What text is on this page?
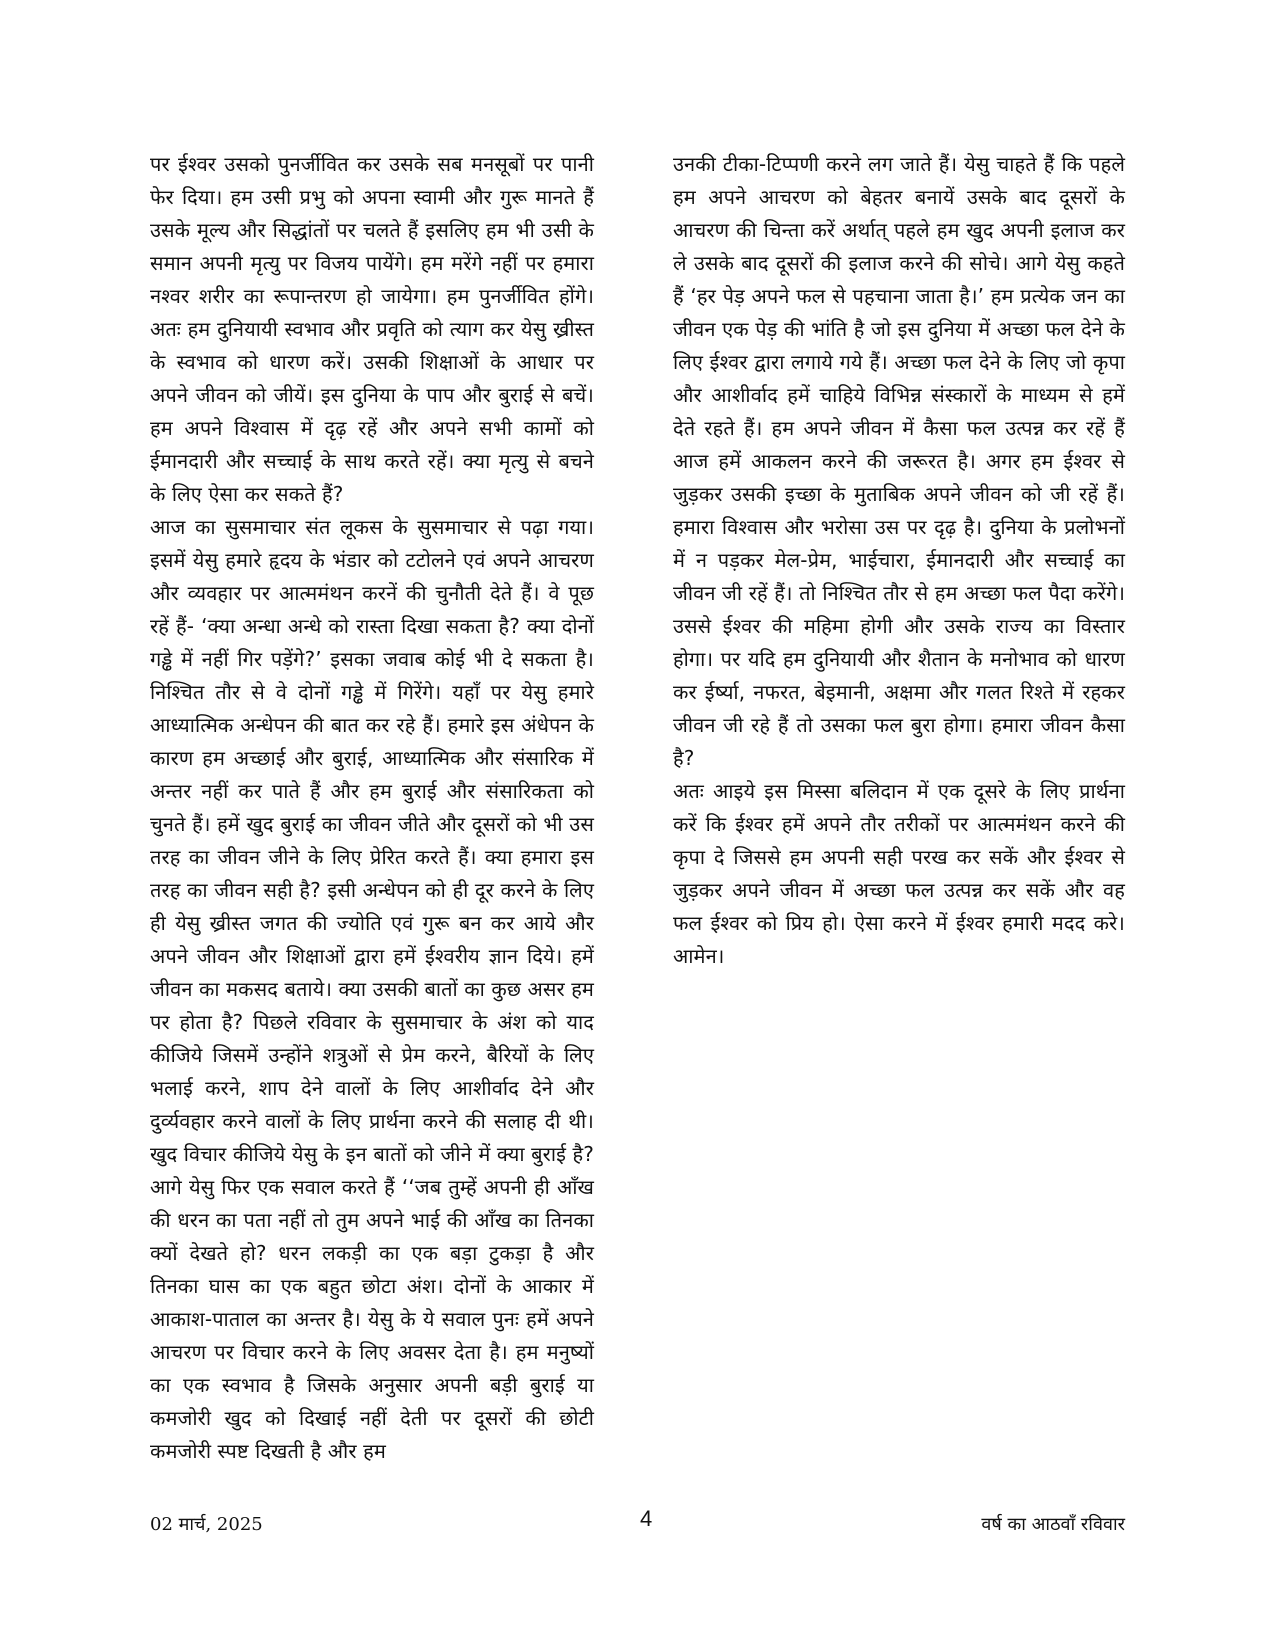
पर ईश्वर उसको पुनर्जीवित कर उसके सब मनसूबों पर पानी फेर दिया। हम उसी प्रभु को अपना स्वामी और गुरू मानते हैं उसके मूल्य और सिद्धांतों पर चलते हैं इसलिए हम भी उसी के समान अपनी मृत्यु पर विजय पायेंगे। हम मरेंगे नहीं पर हमारा नश्वर शरीर का रूपान्तरण हो जायेगा। हम पुनर्जीवित होंगे। अतः हम दुनियायी स्वभाव और प्रवृति को त्याग कर येसु ख्रीस्त के स्वभाव को धारण करें। उसकी शिक्षाओं के आधार पर अपने जीवन को जीयें। इस दुनिया के पाप और बुराई से बचें। हम अपने विश्वास में दृढ़ रहें और अपने सभी कामों को ईमानदारी और सच्चाई के साथ करते रहें। क्या मृत्यु से बचने के लिए ऐसा कर सकते हैं?

आज का सुसमाचार संत लूकस के सुसमाचार से पढ़ा गया। इसमें येसु हमारे हृदय के भंडार को टटोलने एवं अपने आचरण और व्यवहार पर आत्ममंथन करनें की चुनौती देते हैं। वे पूछ रहें हैं- ‘क्या अन्धा अन्धे को रास्ता दिखा सकता है? क्या दोनों गड्ढे में नहीं गिर पड़ेंगे?’ इसका जवाब कोई भी दे सकता है। निश्चित तौर से वे दोनों गड्ढे में गिरेंगे। यहाँ पर येसु हमारे आध्यात्मिक अन्धेपन की बात कर रहे हैं। हमारे इस अंधेपन के कारण हम अच्छाई और बुराई, आध्यात्मिक और संसारिक में अन्तर नहीं कर पाते हैं और हम बुराई और संसारिकता को चुनते हैं। हमें खुद बुराई का जीवन जीते और दूसरों को भी उस तरह का जीवन जीने के लिए प्रेरित करते हैं। क्या हमारा इस तरह का जीवन सही है? इसी अन्धेपन को ही दूर करने के लिए ही येसु ख्रीस्त जगत की ज्योति एवं गुरू बन कर आये और अपने जीवन और शिक्षाओं द्वारा हमें ईश्वरीय ज्ञान दिये। हमें जीवन का मकसद बताये। क्या उसकी बातों का कुछ असर हम पर होता है? पिछले रविवार के सुसमाचार के अंश को याद कीजिये जिसमें उन्होंने शत्रुओं से प्रेम करने, बैरियों के लिए भलाई करने, शाप देने वालों के लिए आशीर्वाद देने और दुर्व्यवहार करने वालों के लिए प्रार्थना करने की सलाह दी थी। खुद विचार कीजिये येसु के इन बातों को जीने में क्या बुराई है? आगे येसु फिर एक सवाल करते हैं ‘‘जब तुम्हें अपनी ही आँख की धरन का पता नहीं तो तुम अपने भाई की आँख का तिनका क्यों देखते हो? धरन लकड़ी का एक बड़ा टुकड़ा है और तिनका घास का एक बहुत छोटा अंश। दोनों के आकार में आकाश-पाताल का अन्तर है। येसु के ये सवाल पुनः हमें अपने आचरण पर विचार करने के लिए अवसर देता है। हम मनुष्यों का एक स्वभाव है जिसके अनुसार अपनी बड़ी बुराई या कमजोरी खुद को दिखाई नहीं देती पर दूसरों की छोटी कमजोरी स्पष्ट दिखती है और हम

उनकी टीका-टिप्पणी करने लग जाते हैं। येसु चाहते हैं कि पहले हम अपने आचरण को बेहतर बनायें उसके बाद दूसरों के आचरण की चिन्ता करें अर्थात् पहले हम खुद अपनी इलाज कर ले उसके बाद दूसरों की इलाज करने की सोचे। आगे येसु कहते हैं ‘हर पेड़ अपने फल से पहचाना जाता है।’ हम प्रत्येक जन का जीवन एक पेड़ की भांति है जो इस दुनिया में अच्छा फल देने के लिए ईश्वर द्वारा लगाये गये हैं। अच्छा फल देने के लिए जो कृपा और आशीर्वाद हमें चाहिये विभिन्न संस्कारों के माध्यम से हमें देते रहते हैं। हम अपने जीवन में कैसा फल उत्पन्न कर रहें हैं आज हमें आकलन करने की जरूरत है। अगर हम ईश्वर से जुड़कर उसकी इच्छा के मुताबिक अपने जीवन को जी रहें हैं। हमारा विश्वास और भरोसा उस पर दृढ़ है। दुनिया के प्रलोभनों में न पड़कर मेल-प्रेम, भाईचारा, ईमानदारी और सच्चाई का जीवन जी रहें हैं। तो निश्चित तौर से हम अच्छा फल पैदा करेंगे। उससे ईश्वर की महिमा होगी और उसके राज्य का विस्तार होगा। पर यदि हम दुनियायी और शैतान के मनोभाव को धारण कर ईर्ष्या, नफरत, बेइमानी, अक्षमा और गलत रिश्ते में रहकर जीवन जी रहे हैं तो उसका फल बुरा होगा। हमारा जीवन कैसा है?

अतः आइये इस मिस्सा बलिदान में एक दूसरे के लिए प्रार्थना करें कि ईश्वर हमें अपने तौर तरीकों पर आत्ममंथन करने की कृपा दे जिससे हम अपनी सही परख कर सकें और ईश्वर से जुड़कर अपने जीवन में अच्छा फल उत्पन्न कर सकें और वह फल ईश्वर को प्रिय हो। ऐसा करने में ईश्वर हमारी मदद करे। आमेन।

02 मार्च, 2025	4	वर्ष का आठवाँ रविवार
